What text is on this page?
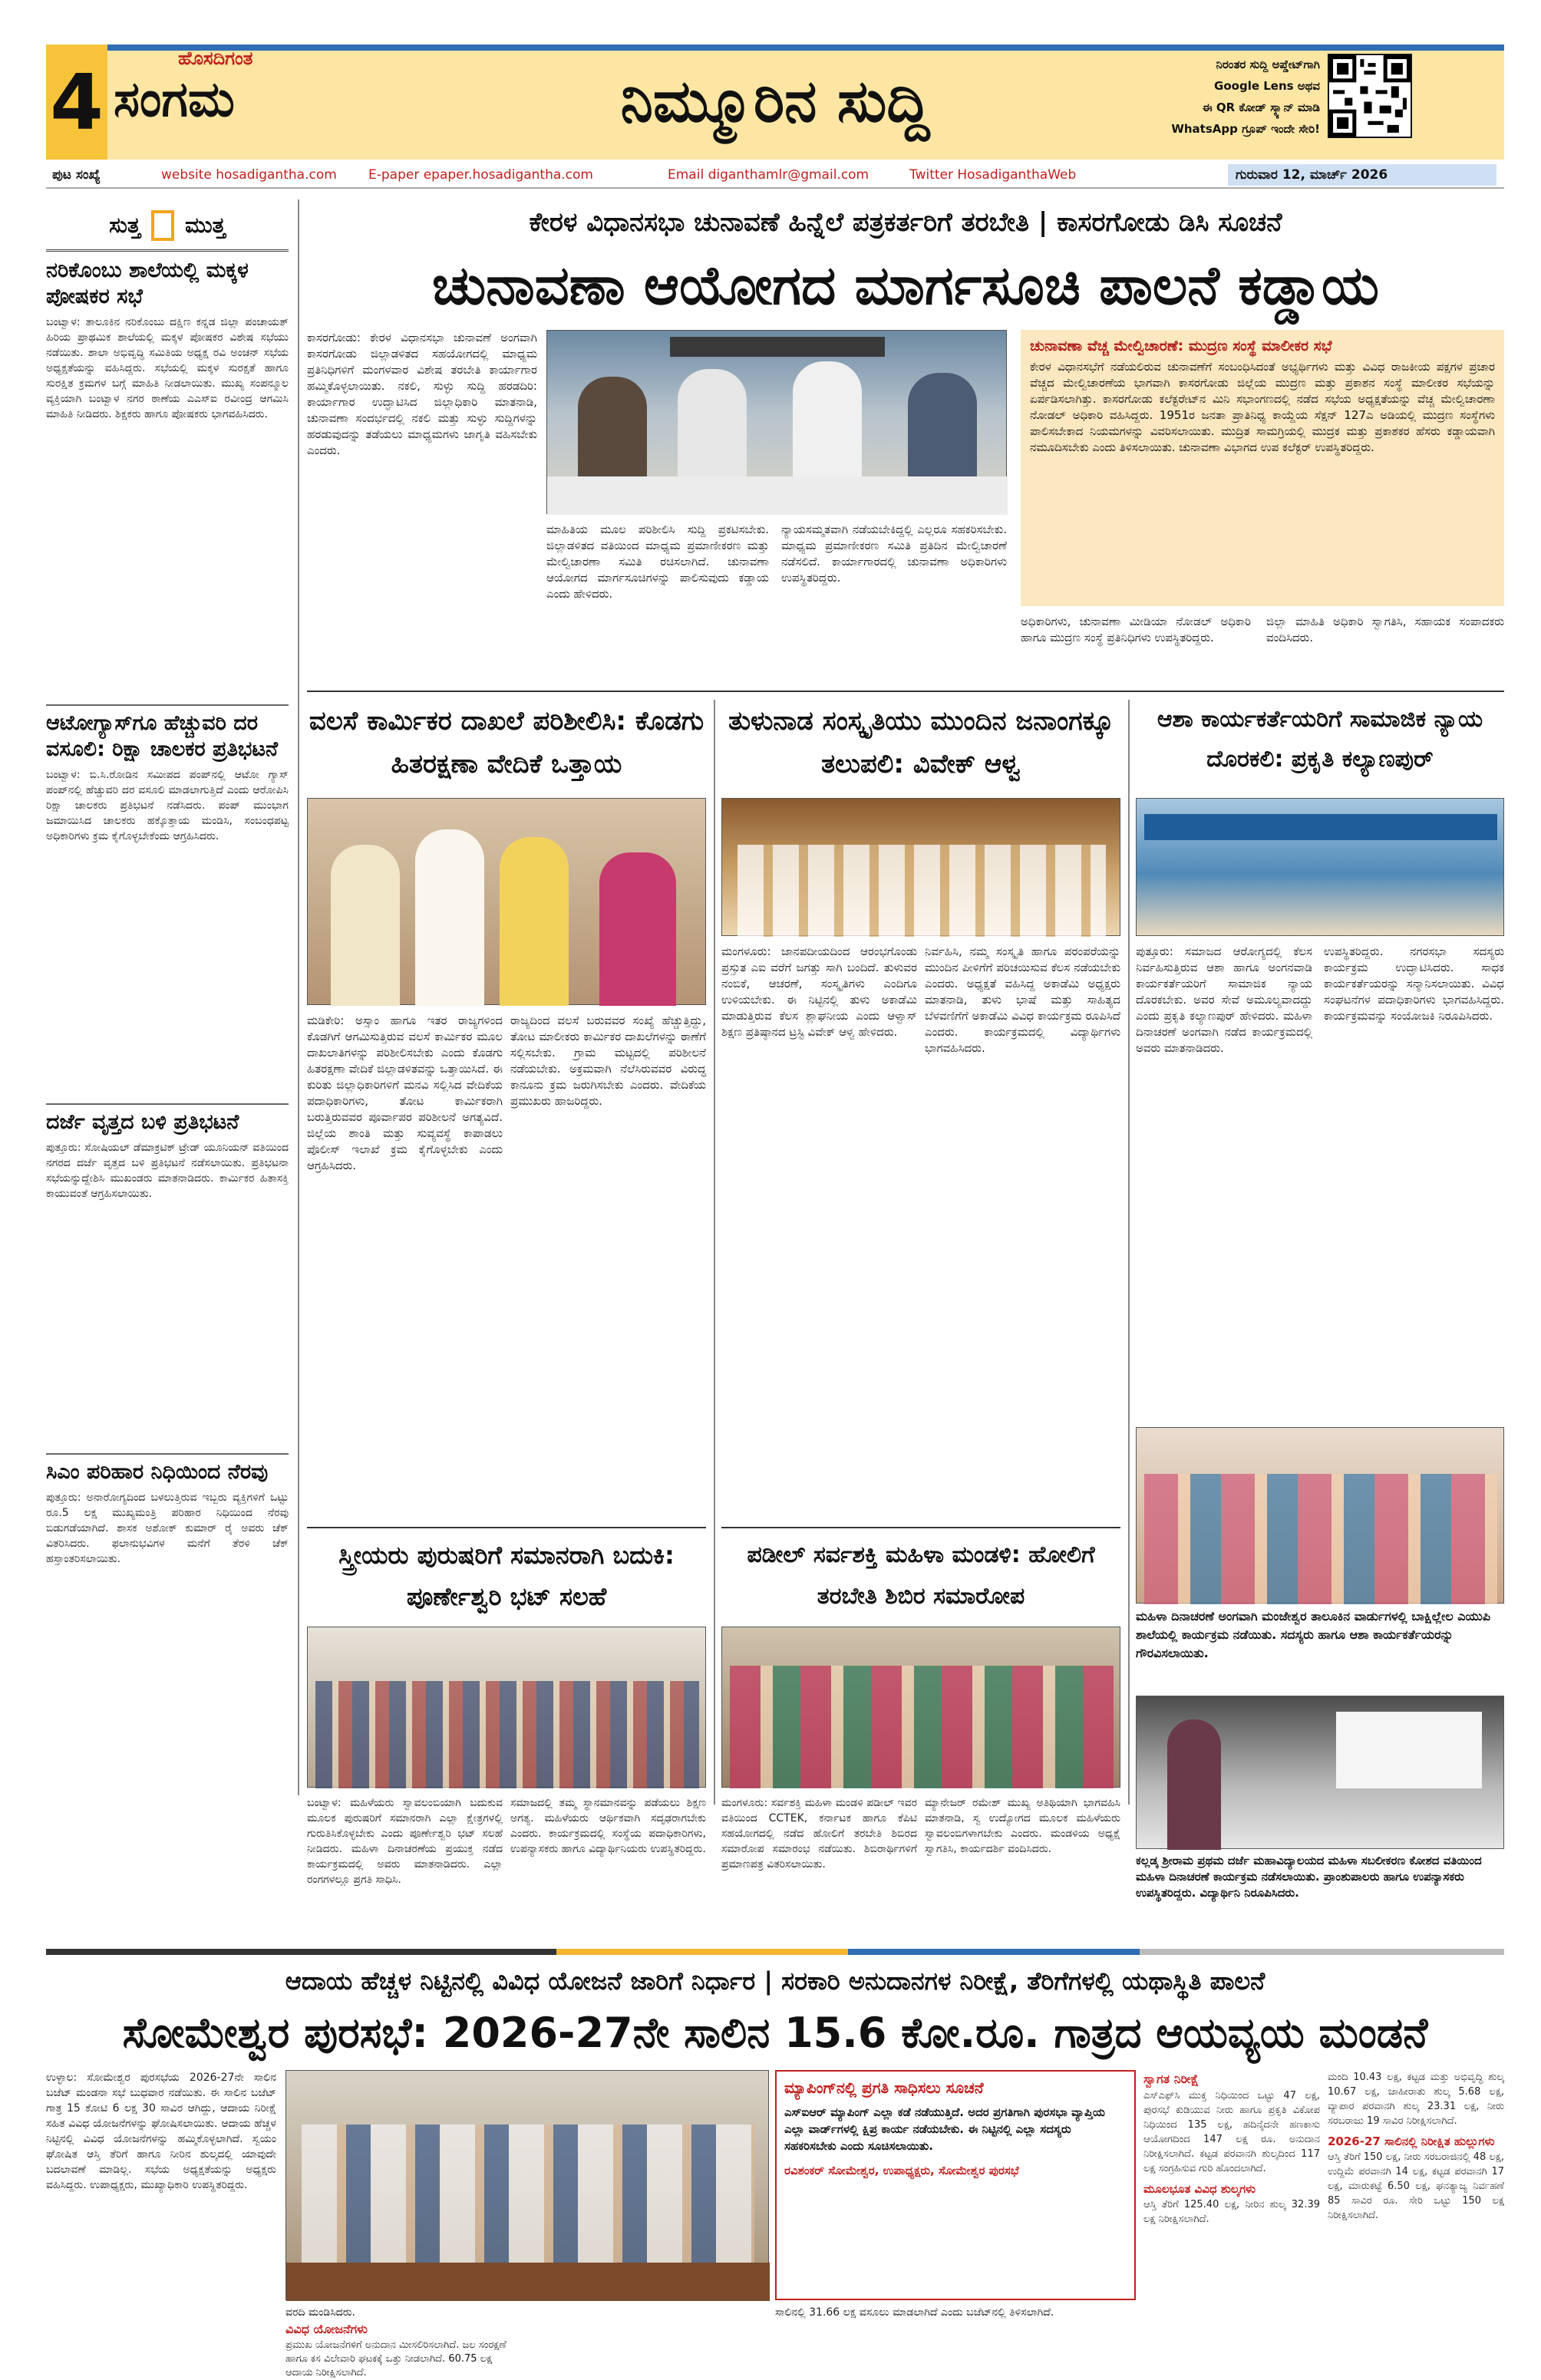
4	ಹೊಸದಿಗಂತ
ಸಂಗಮ	ನಿಮ್ಮೂರಿನ ಸುದ್ದಿ
ನಿರಂತರ ಸುದ್ದಿ ಅಪ್ಡೇಟ್‌ಗಾಗಿ
Google Lens ಅಥವ
ಈ QR ಕೋಡ್ ಸ್ಕ್ಯಾನ್ ಮಾಡಿ
WhatsApp ಗ್ರೂಪ್ ಇಂದೇ ಸೇರಿ!
ಪುಟ ಸಂಖ್ಯೆ	website hosadigantha.com E-paper epaper.hosadigantha.com	Email diganthamlr@gmail.com	Twitter HosadiganthaWeb	ಗುರುವಾರ 12, ಮಾರ್ಚ್ 2026
ಸುತ್ತ ಮುತ್ತ
ನರಿಕೊಂಬು ಶಾಲೆಯಲ್ಲಿ ಮಕ್ಕಳ ಪೋಷಕರ ಸಭೆ
ಬಂಟ್ವಾಳ: ತಾಲೂಕಿನ ನರಿಕೊಂಬು ದಕ್ಷಿಣ ಕನ್ನಡ ಜಿಲ್ಲಾ ಪಂಚಾಯತ್ ಹಿರಿಯ ಪ್ರಾಥಮಿಕ ಶಾಲೆಯಲ್ಲಿ ಮಕ್ಕಳ ಪೋಷಕರ ವಿಶೇಷ ಸಭೆಯು ನಡೆಯಿತು. ಶಾಲಾ ಅಭಿವೃದ್ಧಿ ಸಮಿತಿಯ ಅಧ್ಯಕ್ಷ ರವಿ ಅಂಚನ್ ಸಭೆಯ ಅಧ್ಯಕ್ಷತೆಯನ್ನು ವಹಿಸಿದ್ದರು. ಸಭೆಯಲ್ಲಿ ಮಕ್ಕಳ ಸುರಕ್ಷತೆ ಹಾಗೂ ಸುರಕ್ಷಿತ ಕ್ರಮಗಳ ಬಗ್ಗೆ ಮಾಹಿತಿ ನೀಡಲಾಯಿತು. ಮುಖ್ಯ ಸಂಪನ್ಮೂಲ ವ್ಯಕ್ತಿಯಾಗಿ ಬಂಟ್ವಾಳ ನಗರ ಠಾಣೆಯ ಎಎಸ್ಐ ರವೀಂದ್ರ ಆಗಮಿಸಿ ಮಾಹಿತಿ ನೀಡಿದರು. ಶಿಕ್ಷಕರು ಹಾಗೂ ಪೋಷಕರು ಭಾಗವಹಿಸಿದರು.
ಆಟೋಗ್ಯಾಸ್‌ಗೂ ಹೆಚ್ಚುವರಿ ದರ ವಸೂಲಿ: ರಿಕ್ಷಾ ಚಾಲಕರ ಪ್ರತಿಭಟನೆ
ಬಂಟ್ವಾಳ: ಬಿ.ಸಿ.ರೋಡಿನ ಸಮೀಪದ ಪಂಪ್‌ನಲ್ಲಿ ಆಟೋ ಗ್ಯಾಸ್ ಪಂಪ್‌ನಲ್ಲಿ ಹೆಚ್ಚುವರಿ ದರ ವಸೂಲಿ ಮಾಡಲಾಗುತ್ತಿದೆ ಎಂದು ಆರೋಪಿಸಿ ರಿಕ್ಷಾ ಚಾಲಕರು ಪ್ರತಿಭಟನೆ ನಡೆಸಿದರು. ಪಂಪ್ ಮುಂಭಾಗ ಜಮಾಯಿಸಿದ ಚಾಲಕರು ಹಕ್ಕೊತ್ತಾಯ ಮಂಡಿಸಿ, ಸಂಬಂಧಪಟ್ಟ ಅಧಿಕಾರಿಗಳು ಕ್ರಮ ಕೈಗೊಳ್ಳಬೇಕೆಂದು ಆಗ್ರಹಿಸಿದರು.
ದರ್ಜೆ ವೃತ್ತದ ಬಳಿ ಪ್ರತಿಭಟನೆ
ಪುತ್ತೂರು: ಸೋಷಿಯಲ್ ಡೆಮಾಕ್ರಟಿಕ್ ಟ್ರೇಡ್ ಯೂನಿಯನ್ ವತಿಯಿಂದ ನಗರದ ದರ್ಜೆ ವೃತ್ತದ ಬಳಿ ಪ್ರತಿಭಟನೆ ನಡೆಸಲಾಯಿತು. ಪ್ರತಿಭಟನಾ ಸಭೆಯನ್ನುದ್ದೇಶಿಸಿ ಮುಖಂಡರು ಮಾತನಾಡಿದರು. ಕಾರ್ಮಿಕರ ಹಿತಾಸಕ್ತಿ ಕಾಯುವಂತೆ ಆಗ್ರಹಿಸಲಾಯಿತು.
ಸಿಎಂ ಪರಿಹಾರ ನಿಧಿಯಿಂದ ನೆರವು
ಪುತ್ತೂರು: ಅನಾರೋಗ್ಯದಿಂದ ಬಳಲುತ್ತಿರುವ ಇಬ್ಬರು ವ್ಯಕ್ತಿಗಳಿಗೆ ಒಟ್ಟು ರೂ.5 ಲಕ್ಷ ಮುಖ್ಯಮಂತ್ರಿ ಪರಿಹಾರ ನಿಧಿಯಿಂದ ನೆರವು ಬಿಡುಗಡೆಯಾಗಿದೆ. ಶಾಸಕ ಅಶೋಕ್ ಕುಮಾರ್ ರೈ ಅವರು ಚೆಕ್ ವಿತರಿಸಿದರು. ಫಲಾನುಭವಿಗಳ ಮನೆಗೆ ತೆರಳಿ ಚೆಕ್ ಹಸ್ತಾಂತರಿಸಲಾಯಿತು.
ಕೇರಳ ವಿಧಾನಸಭಾ ಚುನಾವಣೆ ಹಿನ್ನೆಲೆ ಪತ್ರಕರ್ತರಿಗೆ ತರಬೇತಿ | ಕಾಸರಗೋಡು ಡಿಸಿ ಸೂಚನೆ
ಚುನಾವಣಾ ಆಯೋಗದ ಮಾರ್ಗಸೂಚಿ ಪಾಲನೆ ಕಡ್ಡಾಯ

ಕಾಸರಗೋಡು: ಕೇರಳ ವಿಧಾನಸಭಾ ಚುನಾವಣೆ ಅಂಗವಾಗಿ ಕಾಸರಗೋಡು ಜಿಲ್ಲಾಡಳಿತದ ಸಹಯೋಗದಲ್ಲಿ ಮಾಧ್ಯಮ ಪ್ರತಿನಿಧಿಗಳಿಗೆ ಮಂಗಳವಾರ ವಿಶೇಷ ತರಬೇತಿ ಕಾರ್ಯಾಗಾರ ಹಮ್ಮಿಕೊಳ್ಳಲಾಯಿತು. ನಕಲಿ, ಸುಳ್ಳು ಸುದ್ದಿ ಹರಡದಿರಿ: ಕಾರ್ಯಾಗಾರ ಉದ್ಘಾಟಿಸಿದ ಜಿಲ್ಲಾಧಿಕಾರಿ ಮಾತನಾಡಿ, ಚುನಾವಣಾ ಸಂದರ್ಭದಲ್ಲಿ ನಕಲಿ ಮತ್ತು ಸುಳ್ಳು ಸುದ್ದಿಗಳನ್ನು ಹರಡುವುದನ್ನು ತಡೆಯಲು ಮಾಧ್ಯಮಗಳು ಜಾಗೃತಿ ವಹಿಸಬೇಕು ಎಂದರು.

ಮಾಹಿತಿಯ ಮೂಲ ಪರಿಶೀಲಿಸಿ ಸುದ್ದಿ ಪ್ರಕಟಿಸಬೇಕು. ಜಿಲ್ಲಾಡಳಿತದ ವತಿಯಿಂದ ಮಾಧ್ಯಮ ಪ್ರಮಾಣೀಕರಣ ಮತ್ತು ಮೇಲ್ವಿಚಾರಣಾ ಸಮಿತಿ ರಚಿಸಲಾಗಿದೆ. ಚುನಾವಣಾ ಆಯೋಗದ ಮಾರ್ಗಸೂಚಿಗಳನ್ನು ಪಾಲಿಸುವುದು ಕಡ್ಡಾಯ ಎಂದು ಹೇಳಿದರು.

ನ್ಯಾಯಸಮ್ಮತವಾಗಿ ನಡೆಯಬೇಕಿದ್ದಲ್ಲಿ ಎಲ್ಲರೂ ಸಹಕರಿಸಬೇಕು. ಮಾಧ್ಯಮ ಪ್ರಮಾಣೀಕರಣ ಸಮಿತಿ ಪ್ರತಿದಿನ ಮೇಲ್ವಿಚಾರಣೆ ನಡೆಸಲಿದೆ. ಕಾರ್ಯಾಗಾರದಲ್ಲಿ ಚುನಾವಣಾ ಅಧಿಕಾರಿಗಳು ಉಪಸ್ಥಿತರಿದ್ದರು.

ಚುನಾವಣಾ ವೆಚ್ಚ ಮೇಲ್ವಿಚಾರಣೆ: ಮುದ್ರಣ ಸಂಸ್ಥೆ ಮಾಲೀಕರ ಸಭೆ
ಕೇರಳ ವಿಧಾನಸಭೆಗೆ ನಡೆಯಲಿರುವ ಚುನಾವಣೆಗೆ ಸಂಬಂಧಿಸಿದಂತೆ ಅಭ್ಯರ್ಥಿಗಳು ಮತ್ತು ವಿವಿಧ ರಾಜಕೀಯ ಪಕ್ಷಗಳ ಪ್ರಚಾರ ವೆಚ್ಚದ ಮೇಲ್ವಿಚಾರಣೆಯ ಭಾಗವಾಗಿ ಕಾಸರಗೋಡು ಜಿಲ್ಲೆಯ ಮುದ್ರಣ ಮತ್ತು ಪ್ರಕಾಶನ ಸಂಸ್ಥೆ ಮಾಲೀಕರ ಸಭೆಯನ್ನು ಏರ್ಪಡಿಸಲಾಗಿತ್ತು. ಕಾಸರಗೋಡು ಕಲೆಕ್ಟರೇಟ್‌ನ ಮಿನಿ ಸಭಾಂಗಣದಲ್ಲಿ ನಡೆದ ಸಭೆಯ ಅಧ್ಯಕ್ಷತೆಯನ್ನು ವೆಚ್ಚ ಮೇಲ್ವಿಚಾರಣಾ ನೋಡಲ್ ಅಧಿಕಾರಿ ವಹಿಸಿದ್ದರು. 1951ರ ಜನತಾ ಪ್ರಾತಿನಿಧ್ಯ ಕಾಯ್ದೆಯ ಸೆಕ್ಷನ್ 127ಎ ಅಡಿಯಲ್ಲಿ ಮುದ್ರಣ ಸಂಸ್ಥೆಗಳು ಪಾಲಿಸಬೇಕಾದ ನಿಯಮಗಳನ್ನು ವಿವರಿಸಲಾಯಿತು. ಮುದ್ರಿತ ಸಾಮಗ್ರಿಯಲ್ಲಿ ಮುದ್ರಕ ಮತ್ತು ಪ್ರಕಾಶಕರ ಹೆಸರು ಕಡ್ಡಾಯವಾಗಿ ನಮೂದಿಸಬೇಕು ಎಂದು ತಿಳಿಸಲಾಯಿತು. ಚುನಾವಣಾ ವಿಭಾಗದ ಉಪ ಕಲೆಕ್ಟರ್ ಉಪಸ್ಥಿತರಿದ್ದರು.

ಅಧಿಕಾರಿಗಳು, ಚುನಾವಣಾ ಮೀಡಿಯಾ ನೋಡಲ್ ಅಧಿಕಾರಿ ಹಾಗೂ ಮುದ್ರಣ ಸಂಸ್ಥೆ ಪ್ರತಿನಿಧಿಗಳು ಉಪಸ್ಥಿತರಿದ್ದರು.

ಜಿಲ್ಲಾ ಮಾಹಿತಿ ಅಧಿಕಾರಿ ಸ್ವಾಗತಿಸಿ, ಸಹಾಯಕ ಸಂಪಾದಕರು ವಂದಿಸಿದರು.

ವಲಸೆ ಕಾರ್ಮಿಕರ ದಾಖಲೆ ಪರಿಶೀಲಿಸಿ: ಕೊಡಗು ಹಿತರಕ್ಷಣಾ ವೇದಿಕೆ ಒತ್ತಾಯ

ಮಡಿಕೇರಿ: ಅಸ್ಸಾಂ ಹಾಗೂ ಇತರ ರಾಜ್ಯಗಳಿಂದ ಕೊಡಗಿಗೆ ಆಗಮಿಸುತ್ತಿರುವ ವಲಸೆ ಕಾರ್ಮಿಕರ ಮೂಲ ದಾಖಲಾತಿಗಳನ್ನು ಪರಿಶೀಲಿಸಬೇಕು ಎಂದು ಕೊಡಗು ಹಿತರಕ್ಷಣಾ ವೇದಿಕೆ ಜಿಲ್ಲಾಡಳಿತವನ್ನು ಒತ್ತಾಯಿಸಿದೆ. ಈ ಕುರಿತು ಜಿಲ್ಲಾಧಿಕಾರಿಗಳಿಗೆ ಮನವಿ ಸಲ್ಲಿಸಿದ ವೇದಿಕೆಯ ಪದಾಧಿಕಾರಿಗಳು, ತೋಟ ಕಾರ್ಮಿಕರಾಗಿ ಬರುತ್ತಿರುವವರ ಪೂರ್ವಾಪರ ಪರಿಶೀಲನೆ ಅಗತ್ಯವಿದೆ. ಜಿಲ್ಲೆಯ ಶಾಂತಿ ಮತ್ತು ಸುವ್ಯವಸ್ಥೆ ಕಾಪಾಡಲು ಪೊಲೀಸ್ ಇಲಾಖೆ ಕ್ರಮ ಕೈಗೊಳ್ಳಬೇಕು ಎಂದು ಆಗ್ರಹಿಸಿದರು.

ರಾಜ್ಯದಿಂದ ವಲಸೆ ಬರುವವರ ಸಂಖ್ಯೆ ಹೆಚ್ಚುತ್ತಿದ್ದು, ತೋಟ ಮಾಲೀಕರು ಕಾರ್ಮಿಕರ ದಾಖಲೆಗಳನ್ನು ಠಾಣೆಗೆ ಸಲ್ಲಿಸಬೇಕು. ಗ್ರಾಮ ಮಟ್ಟದಲ್ಲಿ ಪರಿಶೀಲನೆ ನಡೆಯಬೇಕು. ಅಕ್ರಮವಾಗಿ ನೆಲೆಸಿರುವವರ ವಿರುದ್ಧ ಕಾನೂನು ಕ್ರಮ ಜರುಗಿಸಬೇಕು ಎಂದರು. ವೇದಿಕೆಯ ಪ್ರಮುಖರು ಹಾಜರಿದ್ದರು.

ತುಳುನಾಡ ಸಂಸ್ಕೃತಿಯು ಮುಂದಿನ ಜನಾಂಗಕ್ಕೂ ತಲುಪಲಿ: ವಿವೇಕ್ ಆಳ್ವ

ಮಂಗಳೂರು: ಜಾನಪದೀಯದಿಂದ ಆರಂಭಗೊಂಡು ಪ್ರಸ್ತುತ ಎಐ ವರೆಗೆ ಜಗತ್ತು ಸಾಗಿ ಬಂದಿದೆ. ತುಳುವರ ನಂಬಿಕೆ, ಆಚರಣೆ, ಸಂಸ್ಕೃತಿಗಳು ಎಂದಿಗೂ ಉಳಿಯಬೇಕು. ಈ ನಿಟ್ಟಿನಲ್ಲಿ ತುಳು ಅಕಾಡೆಮಿ ಮಾಡುತ್ತಿರುವ ಕೆಲಸ ಶ್ಲಾಘನೀಯ ಎಂದು ಆಳ್ವಾಸ್ ಶಿಕ್ಷಣ ಪ್ರತಿಷ್ಠಾನದ ಟ್ರಸ್ಟಿ ವಿವೇಕ್ ಆಳ್ವ ಹೇಳಿದರು.

ನಿರ್ವಹಿಸಿ, ನಮ್ಮ ಸಂಸ್ಕೃತಿ ಹಾಗೂ ಪರಂಪರೆಯನ್ನು ಮುಂದಿನ ಪೀಳಿಗೆಗೆ ಪರಿಚಯಿಸುವ ಕೆಲಸ ನಡೆಯಬೇಕು ಎಂದರು. ಅಧ್ಯಕ್ಷತೆ ವಹಿಸಿದ್ದ ಅಕಾಡೆಮಿ ಅಧ್ಯಕ್ಷರು ಮಾತನಾಡಿ, ತುಳು ಭಾಷೆ ಮತ್ತು ಸಾಹಿತ್ಯದ ಬೆಳವಣಿಗೆಗೆ ಅಕಾಡೆಮಿ ವಿವಿಧ ಕಾರ್ಯಕ್ರಮ ರೂಪಿಸಿದೆ ಎಂದರು. ಕಾರ್ಯಕ್ರಮದಲ್ಲಿ ವಿದ್ಯಾರ್ಥಿಗಳು ಭಾಗವಹಿಸಿದರು.

ಆಶಾ ಕಾರ್ಯಕರ್ತೆಯರಿಗೆ ಸಾಮಾಜಿಕ ನ್ಯಾಯ ದೊರಕಲಿ: ಪ್ರಕೃತಿ ಕಲ್ಯಾಣಪುರ್

ಪುತ್ತೂರು: ಸಮಾಜದ ಆರೋಗ್ಯದಲ್ಲಿ ಕೆಲಸ ನಿರ್ವಹಿಸುತ್ತಿರುವ ಆಶಾ ಹಾಗೂ ಅಂಗನವಾಡಿ ಕಾರ್ಯಕರ್ತೆಯರಿಗೆ ಸಾಮಾಜಿಕ ನ್ಯಾಯ ದೊರಕಬೇಕು. ಅವರ ಸೇವೆ ಅಮೂಲ್ಯವಾದದ್ದು ಎಂದು ಪ್ರಕೃತಿ ಕಲ್ಯಾಣಪುರ್ ಹೇಳಿದರು. ಮಹಿಳಾ ದಿನಾಚರಣೆ ಅಂಗವಾಗಿ ನಡೆದ ಕಾರ್ಯಕ್ರಮದಲ್ಲಿ ಅವರು ಮಾತನಾಡಿದರು.

ಉಪಸ್ಥಿತರಿದ್ದರು. ನಗರಸಭಾ ಸದಸ್ಯರು ಕಾರ್ಯಕ್ರಮ ಉದ್ಘಾಟಿಸಿದರು. ಸಾಧಕ ಕಾರ್ಯಕರ್ತೆಯರನ್ನು ಸನ್ಮಾನಿಸಲಾಯಿತು. ವಿವಿಧ ಸಂಘಟನೆಗಳ ಪದಾಧಿಕಾರಿಗಳು ಭಾಗವಹಿಸಿದ್ದರು. ಕಾರ್ಯಕ್ರಮವನ್ನು ಸಂಯೋಜಕಿ ನಿರೂಪಿಸಿದರು.

ಮಹಿಳಾ ದಿನಾಚರಣೆ ಅಂಗವಾಗಿ ಮಂಜೇಶ್ವರ ತಾಲೂಕಿನ ವಾರ್ಡುಗಳಲ್ಲಿ ಬಾಕ್ಷಿಲ್ಲೇಲ ಎಯುಪಿ ಶಾಲೆಯಲ್ಲಿ ಕಾರ್ಯಕ್ರಮ ನಡೆಯಿತು. ಸದಸ್ಯರು ಹಾಗೂ ಆಶಾ ಕಾರ್ಯಕರ್ತೆಯರನ್ನು ಗೌರವಿಸಲಾಯಿತು.
ಕಲ್ಲಡ್ಕ ಶ್ರೀರಾಮ ಪ್ರಥಮ ದರ್ಜೆ ಮಹಾವಿದ್ಯಾಲಯದ ಮಹಿಳಾ ಸಬಲೀಕರಣ ಕೋಶದ ವತಿಯಿಂದ ಮಹಿಳಾ ದಿನಾಚರಣೆ ಕಾರ್ಯಕ್ರಮ ನಡೆಸಲಾಯಿತು. ಪ್ರಾಂಶುಪಾಲರು ಹಾಗೂ ಉಪನ್ಯಾಸಕರು ಉಪಸ್ಥಿತರಿದ್ದರು. ವಿದ್ಯಾರ್ಥಿನಿ ನಿರೂಪಿಸಿದರು.
ಸ್ತ್ರೀಯರು ಪುರುಷರಿಗೆ ಸಮಾನರಾಗಿ ಬದುಕಿ: ಪೂರ್ಣೇಶ್ವರಿ ಭಟ್ ಸಲಹೆ
ಪಡೀಲ್ ಸರ್ವಶಕ್ತಿ ಮಹಿಳಾ ಮಂಡಳಿ: ಹೋಲಿಗೆ ತರಬೇತಿ ಶಿಬಿರ ಸಮಾರೋಪ

ಬಂಟ್ವಾಳ: ಮಹಿಳೆಯರು ಸ್ವಾವಲಂಬಿಯಾಗಿ ಬದುಕುವ ಮೂಲಕ ಪುರುಷರಿಗೆ ಸಮಾನರಾಗಿ ಎಲ್ಲಾ ಕ್ಷೇತ್ರಗಳಲ್ಲಿ ಗುರುತಿಸಿಕೊಳ್ಳಬೇಕು ಎಂದು ಪೂರ್ಣೇಶ್ವರಿ ಭಟ್ ಸಲಹೆ ನೀಡಿದರು. ಮಹಿಳಾ ದಿನಾಚರಣೆಯ ಪ್ರಯುಕ್ತ ನಡೆದ ಕಾರ್ಯಕ್ರಮದಲ್ಲಿ ಅವರು ಮಾತನಾಡಿದರು. ಎಲ್ಲಾ ರಂಗಗಳಲ್ಲೂ ಪ್ರಗತಿ ಸಾಧಿಸಿ.

ಸಮಾಜದಲ್ಲಿ ತಮ್ಮ ಸ್ಥಾನಮಾನವನ್ನು ಪಡೆಯಲು ಶಿಕ್ಷಣ ಅಗತ್ಯ. ಮಹಿಳೆಯರು ಆರ್ಥಿಕವಾಗಿ ಸದೃಢರಾಗಬೇಕು ಎಂದರು. ಕಾರ್ಯಕ್ರಮದಲ್ಲಿ ಸಂಸ್ಥೆಯ ಪದಾಧಿಕಾರಿಗಳು, ಉಪನ್ಯಾಸಕರು ಹಾಗೂ ವಿದ್ಯಾರ್ಥಿನಿಯರು ಉಪಸ್ಥಿತರಿದ್ದರು.

ಮಂಗಳೂರು: ಸರ್ವಶಕ್ತಿ ಮಹಿಳಾ ಮಂಡಳಿ ಪಡೀಲ್ ಇವರ ವತಿಯಿಂದ CCTEK, ಕರ್ನಾಟಕ ಹಾಗೂ ಕೆಪಿಟಿ ಸಹಯೋಗದಲ್ಲಿ ನಡೆದ ಹೋಲಿಗೆ ತರಬೇತಿ ಶಿಬಿರದ ಸಮಾರೋಪ ಸಮಾರಂಭ ನಡೆಯಿತು. ಶಿಬಿರಾರ್ಥಿಗಳಿಗೆ ಪ್ರಮಾಣಪತ್ರ ವಿತರಿಸಲಾಯಿತು.

ಮ್ಯಾನೇಜರ್ ರಮೇಶ್ ಮುಖ್ಯ ಅತಿಥಿಯಾಗಿ ಭಾಗವಹಿಸಿ ಮಾತನಾಡಿ, ಸ್ವ ಉದ್ಯೋಗದ ಮೂಲಕ ಮಹಿಳೆಯರು ಸ್ವಾವಲಂಬಿಗಳಾಗಬೇಕು ಎಂದರು. ಮಂಡಳಿಯ ಅಧ್ಯಕ್ಷೆ ಸ್ವಾಗತಿಸಿ, ಕಾರ್ಯದರ್ಶಿ ವಂದಿಸಿದರು.

ಆದಾಯ ಹೆಚ್ಚಳ ನಿಟ್ಟಿನಲ್ಲಿ ವಿವಿಧ ಯೋಜನೆ ಜಾರಿಗೆ ನಿರ್ಧಾರ | ಸರಕಾರಿ ಅನುದಾನಗಳ ನಿರೀಕ್ಷೆ, ತೆರಿಗೆಗಳಲ್ಲಿ ಯಥಾಸ್ಥಿತಿ ಪಾಲನೆ
ಸೋಮೇಶ್ವರ ಪುರಸಭೆ: 2026-27ನೇ ಸಾಲಿನ 15.6 ಕೋ.ರೂ. ಗಾತ್ರದ ಆಯವ್ಯಯ ಮಂಡನೆ

ಉಳ್ಳಾಲ: ಸೋಮೇಶ್ವರ ಪುರಸಭೆಯ 2026-27ನೇ ಸಾಲಿನ ಬಜೆಟ್ ಮಂಡನಾ ಸಭೆ ಬುಧವಾರ ನಡೆಯಿತು. ಈ ಸಾಲಿನ ಬಜೆಟ್ ಗಾತ್ರ 15 ಕೋಟಿ 6 ಲಕ್ಷ 30 ಸಾವಿರ ಆಗಿದ್ದು, ಆದಾಯ ನಿರೀಕ್ಷೆ ಸಹಿತ ವಿವಿಧ ಯೋಜನೆಗಳನ್ನು ಘೋಷಿಸಲಾಯಿತು. ಆದಾಯ ಹೆಚ್ಚಳ ನಿಟ್ಟಿನಲ್ಲಿ ವಿವಿಧ ಯೋಜನೆಗಳನ್ನು ಹಮ್ಮಿಕೊಳ್ಳಲಾಗಿದೆ. ಸ್ವಯಂ ಘೋಷಿತ ಆಸ್ತಿ ತೆರಿಗೆ ಹಾಗೂ ನೀರಿನ ಶುಲ್ಕದಲ್ಲಿ ಯಾವುದೇ ಬದಲಾವಣೆ ಮಾಡಿಲ್ಲ. ಸಭೆಯ ಅಧ್ಯಕ್ಷತೆಯನ್ನು ಅಧ್ಯಕ್ಷರು ವಹಿಸಿದ್ದರು. ಉಪಾಧ್ಯಕ್ಷರು, ಮುಖ್ಯಾಧಿಕಾರಿ ಉಪಸ್ಥಿತರಿದ್ದರು.

ವರದಿ ಮಂಡಿಸಿದರು.
ವಿವಿಧ ಯೋಜನೆಗಳು
ಪ್ರಮುಖ ಯೋಜನೆಗಳಿಗೆ ಅನುದಾನ ಮೀಸಲಿರಿಸಲಾಗಿದೆ. ಜಲ ಸಂರಕ್ಷಣೆ ಹಾಗೂ ಕಸ ವಿಲೇವಾರಿ ಘಟಕಕ್ಕೆ ಒತ್ತು ನೀಡಲಾಗಿದೆ. 60.75 ಲಕ್ಷ ಆದಾಯ ನಿರೀಕ್ಷಿಸಲಾಗಿದೆ.
ಮ್ಯಾಪಿಂಗ್‌ನಲ್ಲಿ ಪ್ರಗತಿ ಸಾಧಿಸಲು ಸೂಚನೆ
ಎಸ್ಐಆರ್ ಮ್ಯಾಪಿಂಗ್ ಎಲ್ಲಾ ಕಡೆ ನಡೆಯುತ್ತಿದೆ. ಅದರ ಪ್ರಗತಿಗಾಗಿ ಪುರಸಭಾ ವ್ಯಾಪ್ತಿಯ ಎಲ್ಲಾ ವಾರ್ಡ್‌ಗಳಲ್ಲಿ ಕ್ಷಿಪ್ರ ಕಾರ್ಯ ನಡೆಯಬೇಕು. ಈ ನಿಟ್ಟಿನಲ್ಲಿ ಎಲ್ಲಾ ಸದಸ್ಯರು ಸಹಕರಿಸಬೇಕು ಎಂದು ಸೂಚಿಸಲಾಯಿತು.
ರವಿಶಂಕರ್ ಸೋಮೇಶ್ವರ, ಉಪಾಧ್ಯಕ್ಷರು, ಸೋಮೇಶ್ವರ ಪುರಸಭೆ

ಸಾಲಿನಲ್ಲಿ 31.66 ಲಕ್ಷ ವಸೂಲು ಮಾಡಲಾಗಿದೆ ಎಂದು ಬಜೆಟ್‌ನಲ್ಲಿ ತಿಳಿಸಲಾಗಿದೆ.

ಸ್ವಾಗತ ನಿರೀಕ್ಷೆ

ಎಸ್ಎಫ್‌ಸಿ ಮುಕ್ತ ನಿಧಿಯಿಂದ ಒಟ್ಟು 47 ಲಕ್ಷ, ಪುರಸಭೆ ಕುಡಿಯುವ ನೀರು ಹಾಗೂ ಪ್ರಕೃತಿ ವಿಕೋಪ ನಿಧಿಯಿಂದ 135 ಲಕ್ಷ, ಹದಿನೈದನೇ ಹಣಕಾಸು ಆಯೋಗದಿಂದ 147 ಲಕ್ಷ ರೂ. ಅನುದಾನ ನಿರೀಕ್ಷಿಸಲಾಗಿದೆ. ಕಟ್ಟಡ ಪರವಾನಗಿ ಶುಲ್ಕದಿಂದ 117 ಲಕ್ಷ ಸಂಗ್ರಹಿಸುವ ಗುರಿ ಹೊಂದಲಾಗಿದೆ.

ಮೂಲಭೂತ ವಿವಿಧ ಶುಲ್ಕಗಳು

ಆಸ್ತಿ ತೆರಿಗೆ 125.40 ಲಕ್ಷ, ನೀರಿನ ಶುಲ್ಕ 32.39 ಲಕ್ಷ ನಿರೀಕ್ಷಿಸಲಾಗಿದೆ.

ಮಂದಿ 10.43 ಲಕ್ಷ, ಕಟ್ಟಡ ಮತ್ತು ಅಭಿವೃದ್ಧಿ ಶುಲ್ಕ 10.67 ಲಕ್ಷ, ಜಾಹೀರಾತು ಶುಲ್ಕ 5.68 ಲಕ್ಷ, ವ್ಯಾಪಾರ ಪರವಾನಗಿ ಶುಲ್ಕ 23.31 ಲಕ್ಷ, ನೀರು ಸರಬರಾಜು 19 ಸಾವಿರ ನಿರೀಕ್ಷಿಸಲಾಗಿದೆ.

2026-27 ಸಾಲಿನಲ್ಲಿ ನಿರೀಕ್ಷಿತ ಹುಲ್ಲುಗಳು

ಆಸ್ತಿ ತೆರಿಗೆ 150 ಲಕ್ಷ, ನೀರು ಸರಬರಾಜಿನಲ್ಲಿ 48 ಲಕ್ಷ, ಉದ್ದಿಮೆ ಪರವಾನಗಿ 14 ಲಕ್ಷ, ಕಟ್ಟಡ ಪರವಾನಗಿ 17 ಲಕ್ಷ, ಮಾರುಕಟ್ಟೆ 6.50 ಲಕ್ಷ, ಘನತ್ಯಾಜ್ಯ ನಿರ್ವಹಣೆ 85 ಸಾವಿರ ರೂ. ಸೇರಿ ಒಟ್ಟು 150 ಲಕ್ಷ ನಿರೀಕ್ಷಿಸಲಾಗಿದೆ.
